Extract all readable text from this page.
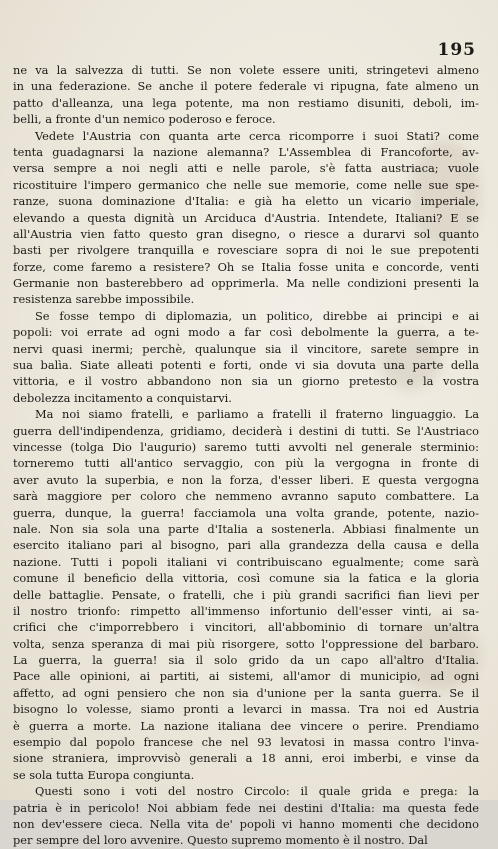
195
ne va la salvezza di tutti. Se non volete essere uniti, stringetevi almeno
in una federazione. Se anche il potere federale vi ripugna, fate almeno un
patto d'alleanza, una lega potente, ma non restiamo disuniti, deboli, im-
belli, a fronte d'un nemico poderoso e feroce.
Vedete l'Austria con quanta arte cerca ricomporre i suoi Stati? come
tenta guadagnarsi la nazione alemanna? L'Assemblea di Francoforte, av-
versa sempre a noi negli atti e nelle parole, s'è fatta austriaca; vuole
ricostituire l'impero germanico che nelle sue memorie, come nelle sue spe-
ranze, suona dominazione d'Italia: e già ha eletto un vicario imperiale,
elevando a questa dignità un Arciduca d'Austria. Intendete, Italiani? E se
all'Austria vien fatto questo gran disegno, o riesce a durarvi sol quanto
basti per rivolgere tranquilla e rovesciare sopra di noi le sue prepotenti
forze, come faremo a resistere? Oh se Italia fosse unita e concorde, venti
Germanie non basterebbero ad opprimerla. Ma nelle condizioni presenti la
resistenza sarebbe impossibile.
Se fosse tempo di diplomazia, un politico, direbbe ai principi e ai
popoli: voi errate ad ogni modo a far così debolmente la guerra, a te-
nervi quasi inermi; perchè, qualunque sia il vincitore, sarete sempre in
sua balìa. Siate alleati potenti e forti, onde vi sia dovuta una parte della
vittoria, e il vostro abbandono non sia un giorno pretesto e la vostra
debolezza incitamento a conquistarvi.
Ma noi siamo fratelli, e parliamo a fratelli il fraterno linguaggio. La
guerra dell'indipendenza, gridiamo, deciderà i destini di tutti. Se l'Austriaco
vincesse (tolga Dio l'augurio) saremo tutti avvolti nel generale sterminio:
torneremo tutti all'antico servaggio, con più la vergogna in fronte di
aver avuto la superbia, e non la forza, d'esser liberi. E questa vergogna
sarà maggiore per coloro che nemmeno avranno saputo combattere. La
guerra, dunque, la guerra! facciamola una volta grande, potente, nazio-
nale. Non sia sola una parte d'Italia a sostenerla. Abbiasi finalmente un
esercito italiano pari al bisogno, pari alla grandezza della causa e della
nazione. Tutti i popoli italiani vi contribuiscano egualmente; come sarà
comune il beneficio della vittoria, così comune sia la fatica e la gloria
delle battaglie. Pensate, o fratelli, che i più grandi sacrifici fian lievi per
il nostro trionfo: rimpetto all'immenso infortunio dell'esser vinti, ai sa-
crifici che c'imporrebbero i vincitori, all'abbominio di tornare un'altra
volta, senza speranza di mai più risorgere, sotto l'oppressione del barbaro.
La guerra, la guerra! sia il solo grido da un capo all'altro d'Italia.
Pace alle opinioni, ai partiti, ai sistemi, all'amor di municipio, ad ogni
affetto, ad ogni pensiero che non sia d'unione per la santa guerra. Se il
bisogno lo volesse, siamo pronti a levarci in massa. Tra noi ed Austria
è guerra a morte. La nazione italiana dee vincere o perire. Prendiamo
esempio dal popolo francese che nel 93 levatosi in massa contro l'inva-
sione straniera, improvvisò generali a 18 anni, eroi imberbi, e vinse da
se sola tutta Europa congiunta.
Questi sono i voti del nostro Circolo: il quale grida e prega: la
patria è in pericolo! Noi abbiam fede nei destini d'Italia: ma questa fede
non dev'essere cieca. Nella vita de' popoli vi hanno momenti che decidono
per sempre del loro avvenire. Questo supremo momento è il nostro. Dal
